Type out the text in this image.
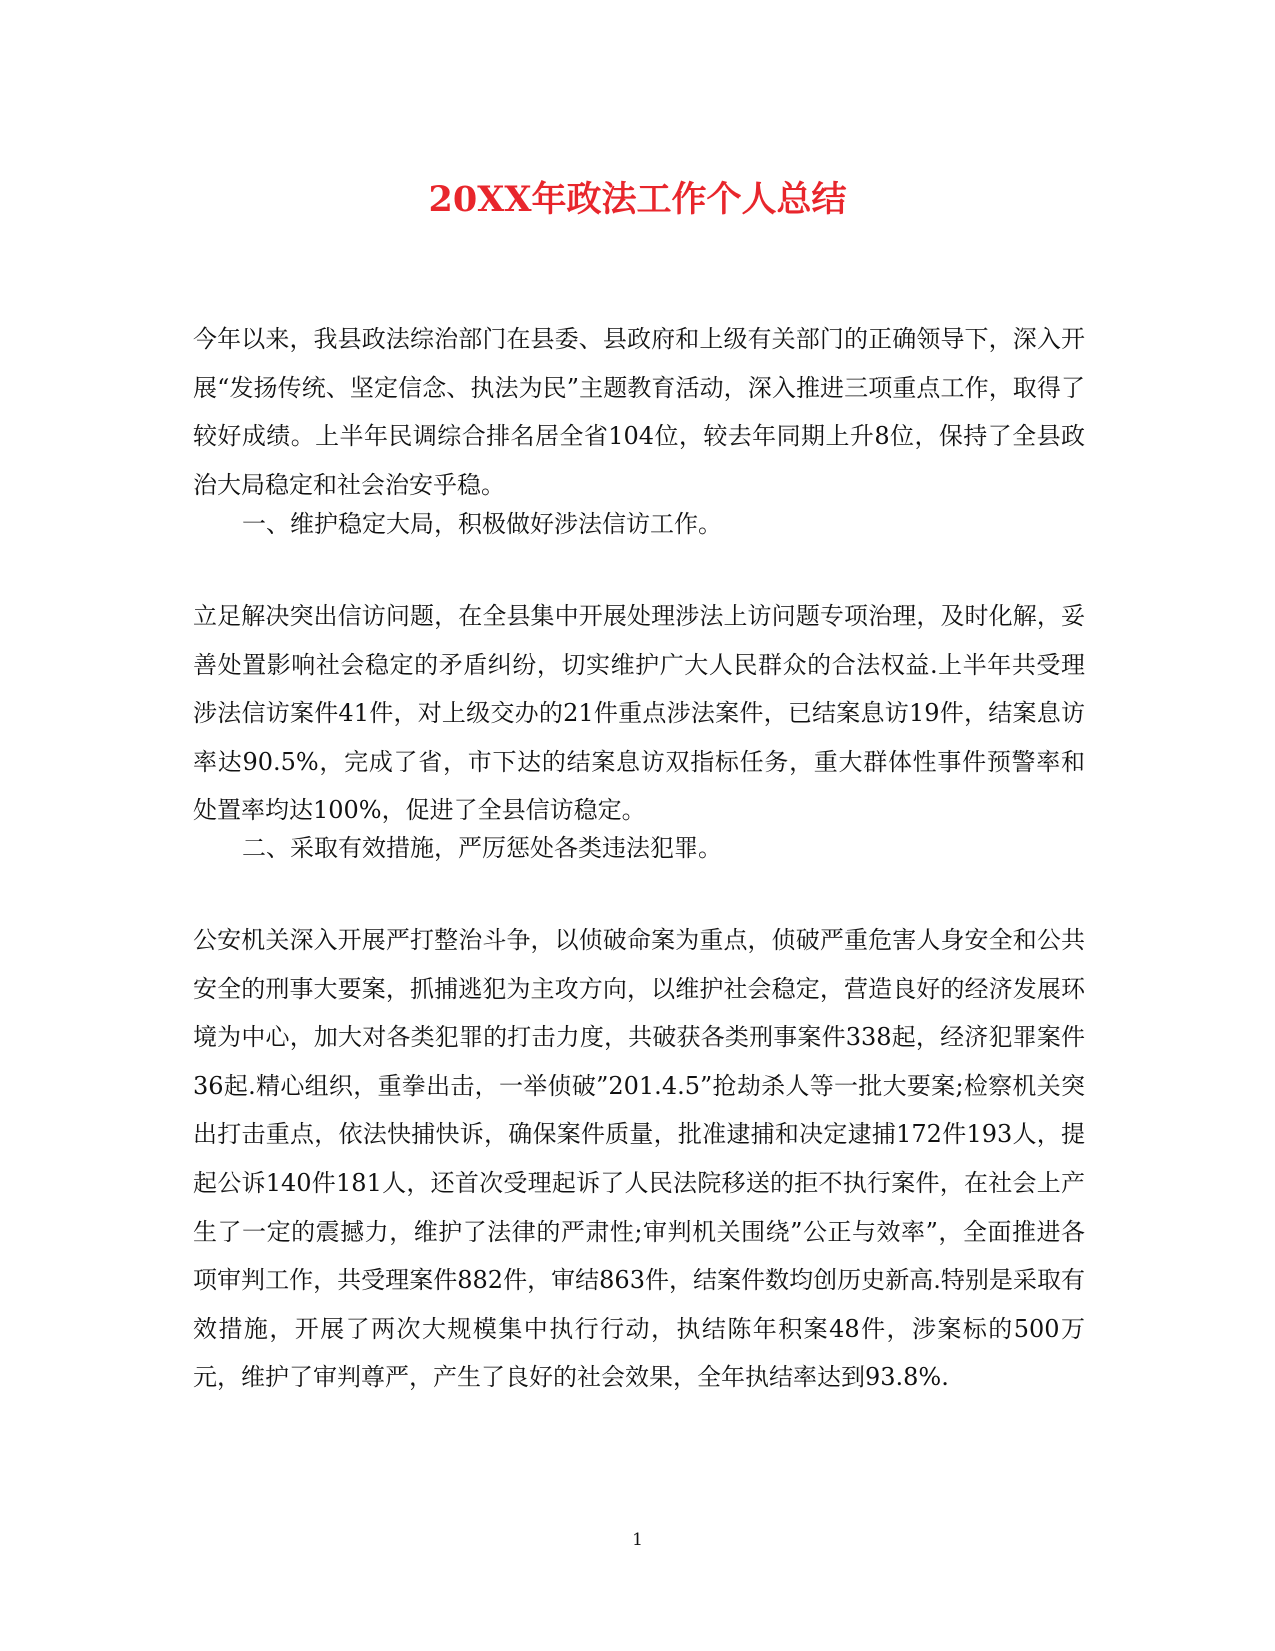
20XX年政法工作个人总结

今年以来，我县政法综治部门在县委、县政府和上级有关部门的正确领导下，深入开展“发扬传统、坚定信念、执法为民”主题教育活动，深入推进三项重点工作，取得了较好成绩。上半年民调综合排名居全省104位，较去年同期上升8位，保持了全县政治大局稳定和社会治安乎稳。

一、维护稳定大局，积极做好涉法信访工作。

立足解决突出信访问题，在全县集中开展处理涉法上访问题专项治理，及时化解，妥善处置影响社会稳定的矛盾纠纷，切实维护广大人民群众的合法权益.上半年共受理涉法信访案件41件，对上级交办的21件重点涉法案件，已结案息访19件，结案息访率达90.5%，完成了省，市下达的结案息访双指标任务，重大群体性事件预警率和处置率均达100%，促进了全县信访稳定。

二、采取有效措施，严厉惩处各类违法犯罪。

公安机关深入开展严打整治斗争，以侦破命案为重点，侦破严重危害人身安全和公共安全的刑事大要案，抓捕逃犯为主攻方向，以维护社会稳定，营造良好的经济发展环境为中心，加大对各类犯罪的打击力度，共破获各类刑事案件338起，经济犯罪案件36起.精心组织，重拳出击，一举侦破”201.4.5”抢劫杀人等一批大要案;检察机关突出打击重点，依法快捕快诉，确保案件质量，批准逮捕和决定逮捕172件193人，提起公诉140件181人，还首次受理起诉了人民法院移送的拒不执行案件，在社会上产生了一定的震撼力，维护了法律的严肃性;审判机关围绕”公正与效率”，全面推进各项审判工作，共受理案件882件，审结863件，结案件数均创历史新高.特别是采取有效措施，开展了两次大规模集中执行行动，执结陈年积案48件，涉案标的500万元，维护了审判尊严，产生了良好的社会效果，全年执结率达到93.8%.

1
